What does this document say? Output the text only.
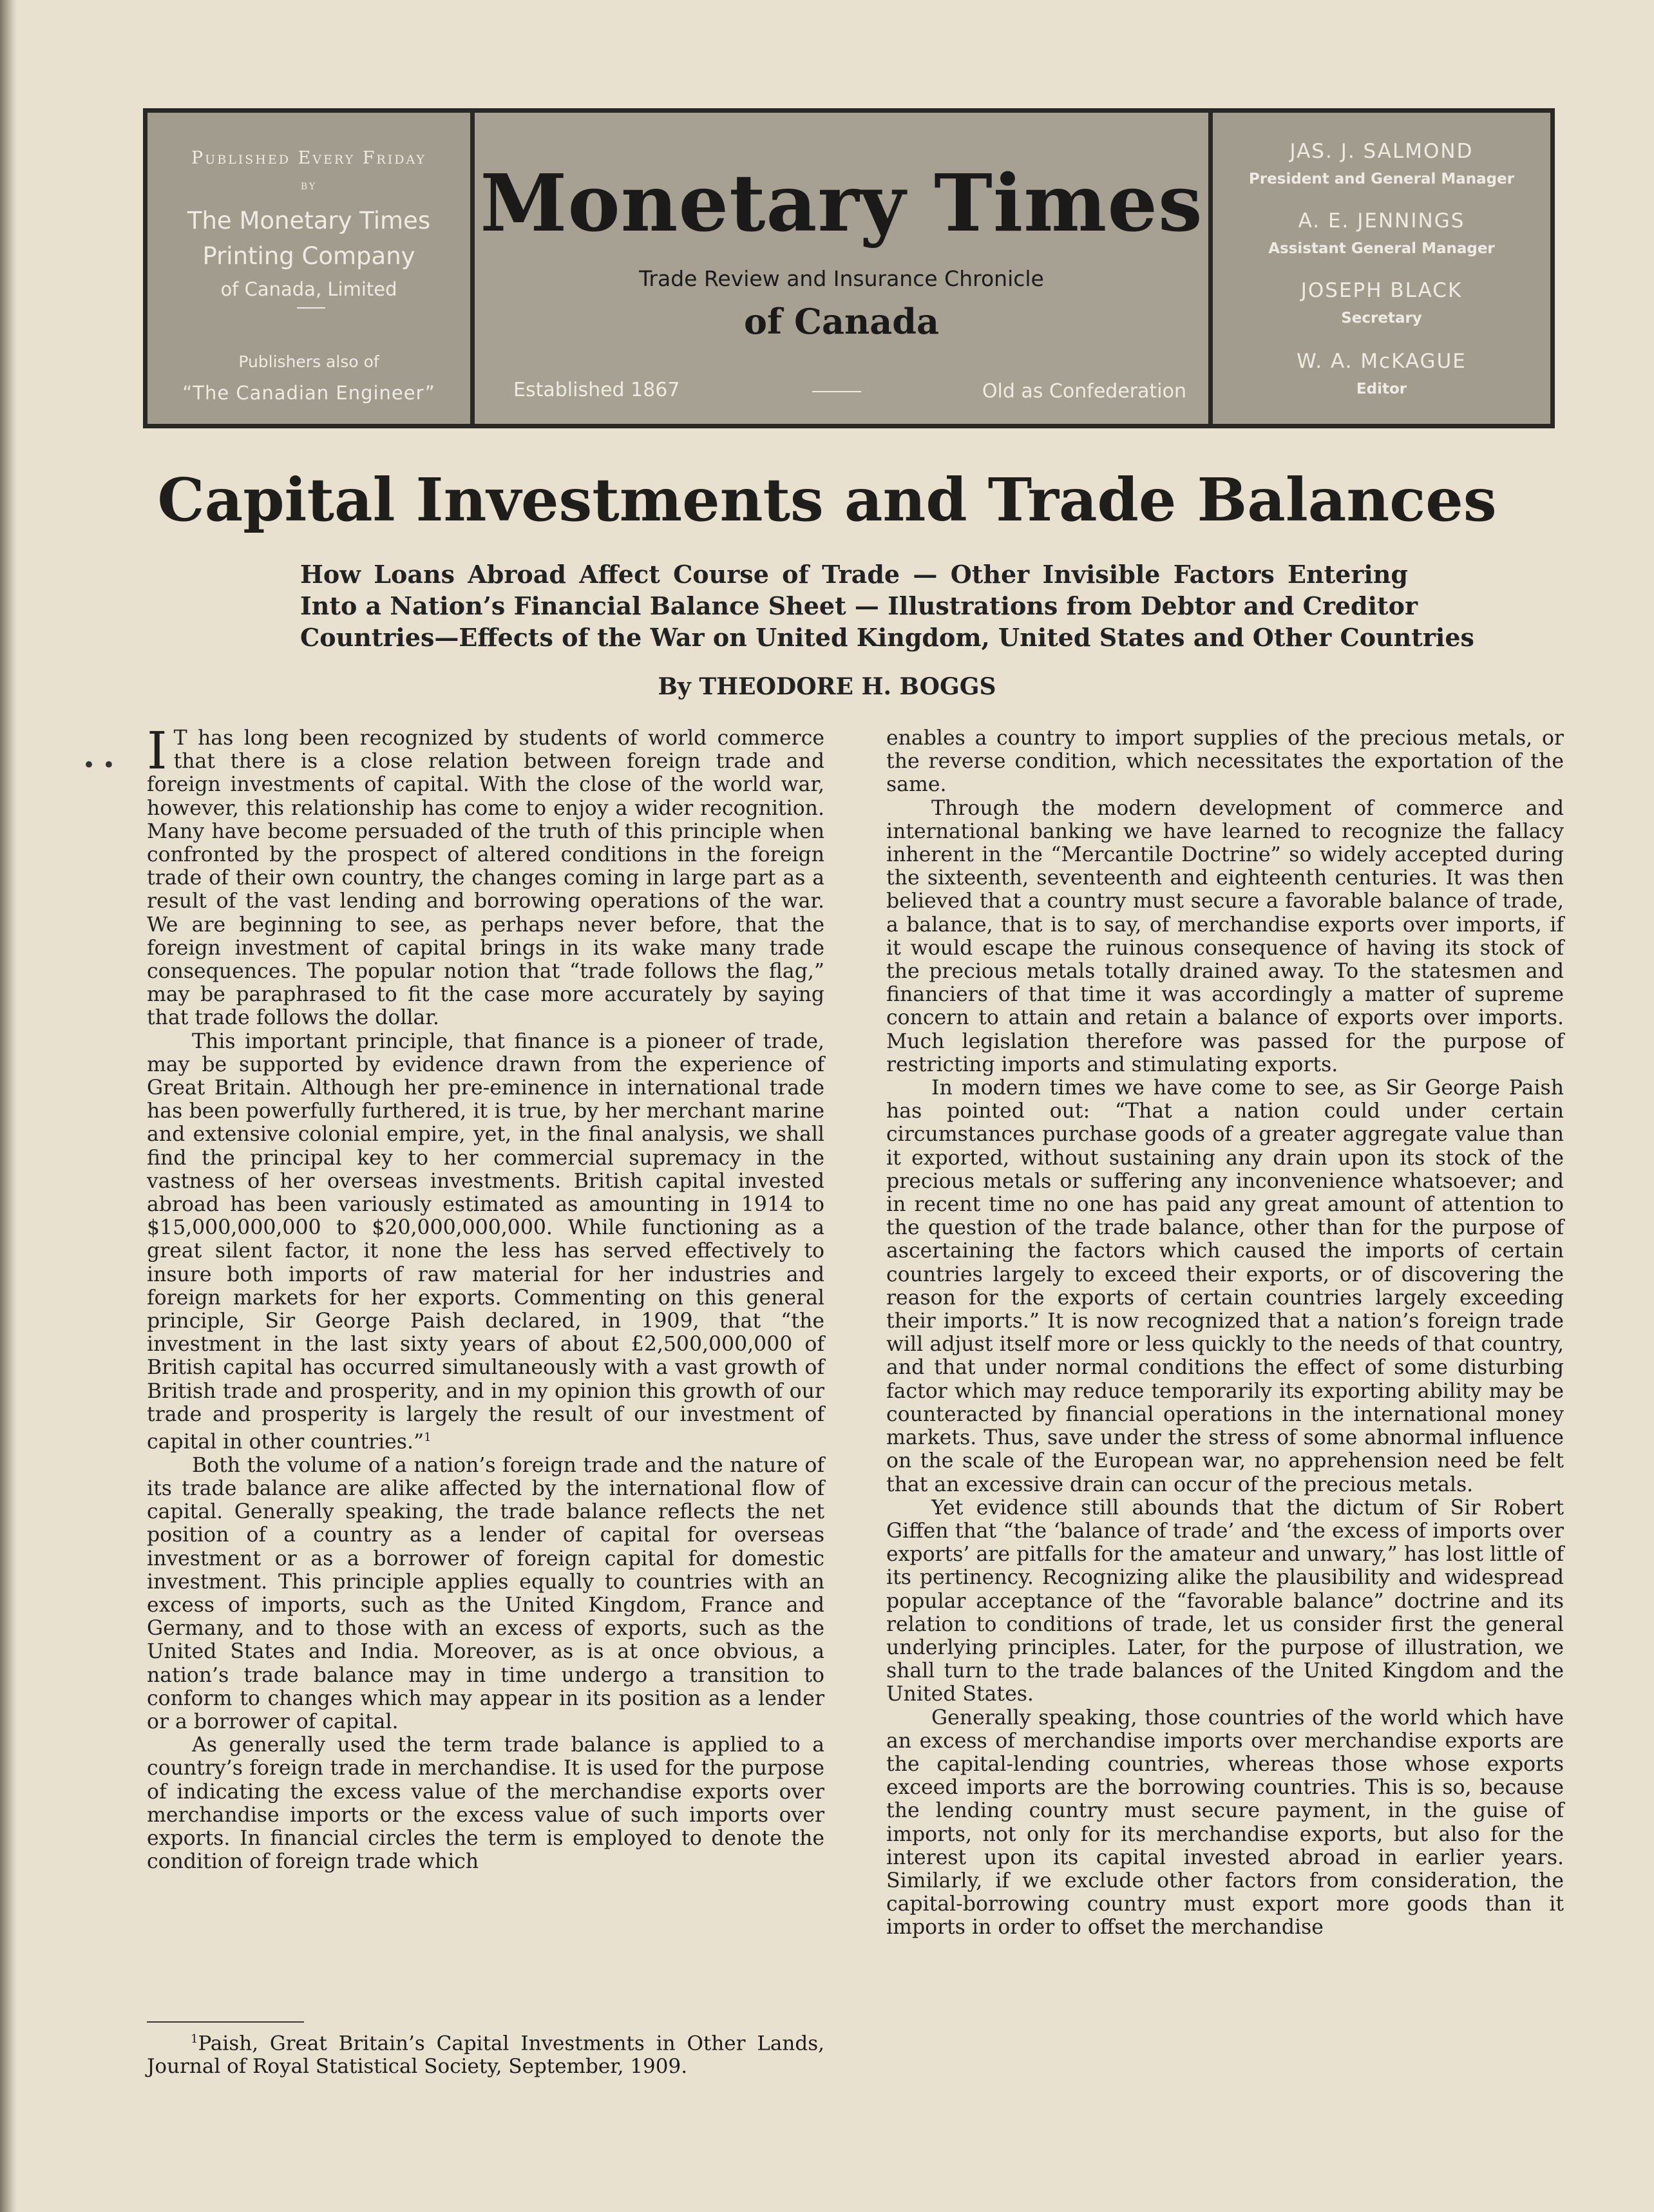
Published Every Friday
by
The Monetary Times
Printing Company
of Canada, Limited
Publishers also of
“The Canadian Engineer”
Monetary Times
Trade Review and Insurance Chronicle
of Canada
Established 1867	Old as Confederation
JAS. J. SALMOND
President and General Manager
A. E. JENNINGS
Assistant General Manager
JOSEPH BLACK
Secretary
W. A. McKAGUE
Editor
Capital Investments and Trade Balances
How Loans Abroad Affect Course of Trade — Other Invisible Factors Entering
Into a Nation’s Financial Balance Sheet — Illustrations from Debtor and Creditor
Countries—Effects of the War on United Kingdom, United States and Other Countries
By THEODORE H. BOGGS
• • I T has long been recognized by students of world commerce that there is a close relation between foreign trade and foreign investments of capital. With the close of the world war, however, this relationship has come to enjoy a wider recognition. Many have become persuaded of the truth of this principle when confronted by the prospect of altered conditions in the foreign trade of their own country, the changes coming in large part as a result of the vast lending and borrowing operations of the war. We are beginning to see, as perhaps never before, that the foreign investment of capital brings in its wake many trade consequences. The popular notion that “trade follows the flag,” may be paraphrased to fit the case more accurately by saying that trade follows the dollar.

This important principle, that finance is a pioneer of trade, may be supported by evidence drawn from the experience of Great Britain. Although her pre-eminence in international trade has been powerfully furthered, it is true, by her merchant marine and extensive colonial empire, yet, in the final analysis, we shall find the principal key to her commercial supremacy in the vastness of her overseas investments. British capital invested abroad has been variously estimated as amounting in 1914 to $15,000,000,000 to $20,000,000,000. While functioning as a great silent factor, it none the less has served effectively to insure both imports of raw material for her industries and foreign markets for her exports. Commenting on this general principle, Sir George Paish declared, in 1909, that “the investment in the last sixty years of about £2,500,000,000 of British capital has occurred simultaneously with a vast growth of British trade and prosperity, and in my opinion this growth of our trade and prosperity is largely the result of our investment of capital in other countries.”$^1$

Both the volume of a nation’s foreign trade and the nature of its trade balance are alike affected by the international flow of capital. Generally speaking, the trade balance reflects the net position of a country as a lender of capital for overseas investment or as a borrower of foreign capital for domestic investment. This principle applies equally to countries with an excess of imports, such as the United Kingdom, France and Germany, and to those with an excess of exports, such as the United States and India. Moreover, as is at once obvious, a nation’s trade balance may in time undergo a transition to conform to changes which may appear in its position as a lender or a borrower of capital.

As generally used the term trade balance is applied to a country’s foreign trade in merchandise. It is used for the purpose of indicating the excess value of the merchandise exports over merchandise imports or the excess value of such imports over exports. In financial circles the term is employed to denote the condition of foreign trade which

$^1$Paish, Great Britain’s Capital Investments in Other Lands, Journal of Royal Statistical Society, September, 1909.

enables a country to import supplies of the precious metals, or the reverse condition, which necessitates the exportation of the same.

Through the modern development of commerce and international banking we have learned to recognize the fallacy inherent in the “Mercantile Doctrine” so widely accepted during the sixteenth, seventeenth and eighteenth centuries. It was then believed that a country must secure a favorable balance of trade, a balance, that is to say, of merchandise exports over imports, if it would escape the ruinous consequence of having its stock of the precious metals totally drained away. To the statesmen and financiers of that time it was accordingly a matter of supreme concern to attain and retain a balance of exports over imports. Much legislation therefore was passed for the purpose of restricting imports and stimulating exports.

In modern times we have come to see, as Sir George Paish has pointed out: “That a nation could under certain circumstances purchase goods of a greater aggregate value than it exported, without sustaining any drain upon its stock of the precious metals or suffering any inconvenience whatsoever; and in recent time no one has paid any great amount of attention to the question of the trade balance, other than for the purpose of ascertaining the factors which caused the imports of certain countries largely to exceed their exports, or of discovering the reason for the exports of certain countries largely exceeding their imports.” It is now recognized that a nation’s foreign trade will adjust itself more or less quickly to the needs of that country, and that under normal conditions the effect of some disturbing factor which may reduce temporarily its exporting ability may be counteracted by financial operations in the international money markets. Thus, save under the stress of some abnormal influence on the scale of the European war, no apprehension need be felt that an excessive drain can occur of the precious metals.

Yet evidence still abounds that the dictum of Sir Robert Giffen that “the ‘balance of trade’ and ‘the excess of imports over exports’ are pitfalls for the amateur and unwary,” has lost little of its pertinency. Recognizing alike the plausibility and widespread popular acceptance of the “favorable balance” doctrine and its relation to conditions of trade, let us consider first the general underlying principles. Later, for the purpose of illustration, we shall turn to the trade balances of the United Kingdom and the United States.

Generally speaking, those countries of the world which have an excess of merchandise imports over merchandise exports are the capital-lending countries, whereas those whose exports exceed imports are the borrowing countries. This is so, because the lending country must secure payment, in the guise of imports, not only for its merchandise exports, but also for the interest upon its capital invested abroad in earlier years. Similarly, if we exclude other factors from consideration, the capital-borrowing country must export more goods than it imports in order to offset the merchandise
